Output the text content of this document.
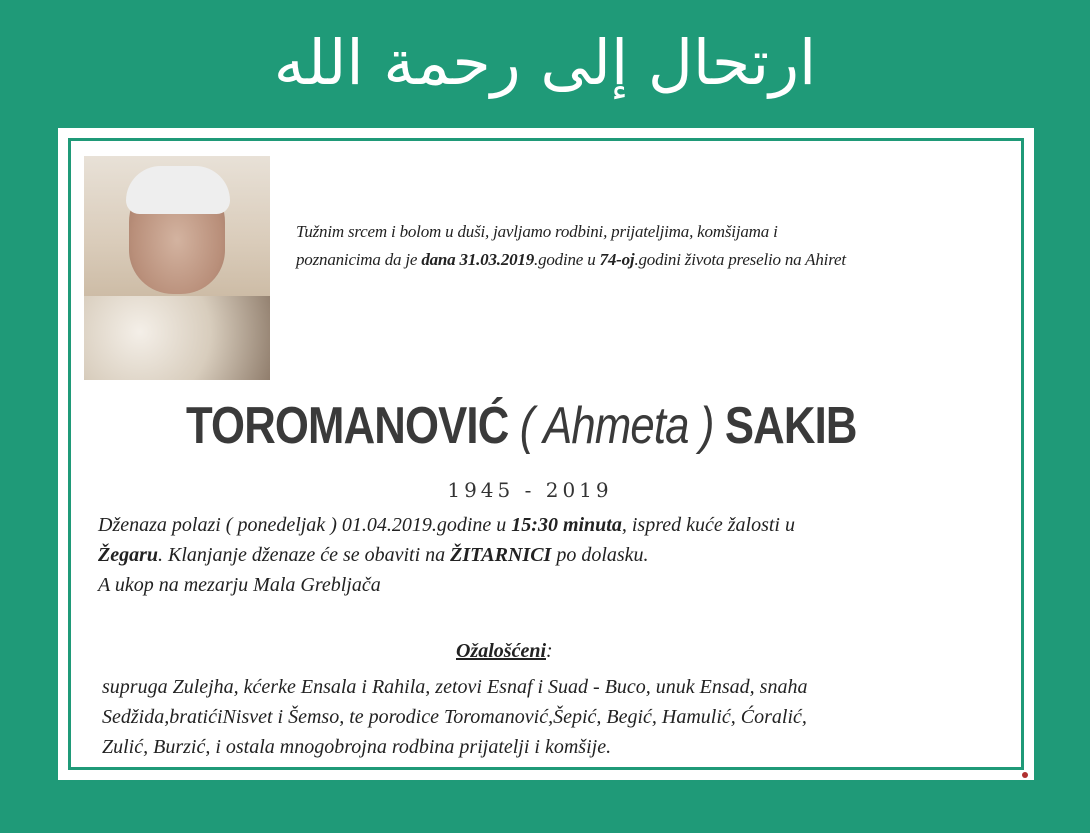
ارتحال إلى رحمة الله
Tužnim srcem i bolom u duši, javljamo rodbini, prijateljima, komšijama i
poznanicima da je dana 31.03.2019.godine u 74-oj.godini života preselio na Ahiret
TOROMANOVIĆ ( Ahmeta ) SAKIB
1945 - 2019
Dženaza polazi ( ponedeljak ) 01.04.2019.godine u 15:30 minuta, ispred kuće žalosti u
Žegaru. Klanjanje dženaze će se obaviti na ŽITARNICI po dolasku.
A ukop na mezarju Mala Grebljača
Ožalošćeni:
supruga Zulejha, kćerke Ensala i Rahila, zetovi Esnaf i Suad - Buco, unuk Ensad, snaha
Sedžida,bratićiNisvet i Šemso, te porodice Toromanović,Šepić, Begić, Hamulić, Ćoralić,
Zulić, Burzić, i ostala mnogobrojna rodbina prijatelji i komšije.
